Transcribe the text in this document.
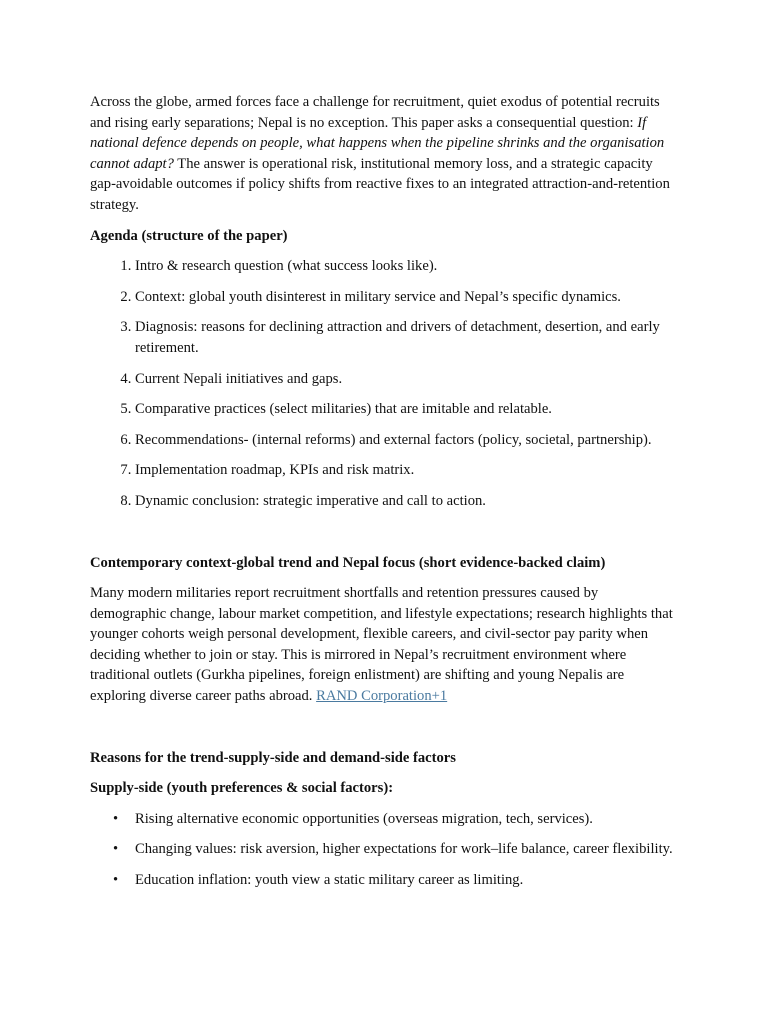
Across the globe, armed forces face a challenge for recruitment, quiet exodus of potential recruits and rising early separations; Nepal is no exception. This paper asks a consequential question: If national defence depends on people, what happens when the pipeline shrinks and the organisation cannot adapt? The answer is operational risk, institutional memory loss, and a strategic capacity gap-avoidable outcomes if policy shifts from reactive fixes to an integrated attraction-and-retention strategy.

Agenda (structure of the paper)

1. Intro & research question (what success looks like).
2. Context: global youth disinterest in military service and Nepal’s specific dynamics.
3. Diagnosis: reasons for declining attraction and drivers of detachment, desertion, and early retirement.
4. Current Nepali initiatives and gaps.
5. Comparative practices (select militaries) that are imitable and relatable.
6. Recommendations- (internal reforms) and external factors (policy, societal, partnership).
7. Implementation roadmap, KPIs and risk matrix.
8. Dynamic conclusion: strategic imperative and call to action.

Contemporary context-global trend and Nepal focus (short evidence-backed claim)

Many modern militaries report recruitment shortfalls and retention pressures caused by demographic change, labour market competition, and lifestyle expectations; research highlights that younger cohorts weigh personal development, flexible careers, and civil-sector pay parity when deciding whether to join or stay. This is mirrored in Nepal’s recruitment environment where traditional outlets (Gurkha pipelines, foreign enlistment) are shifting and young Nepalis are exploring diverse career paths abroad. RAND Corporation+1

Reasons for the trend-supply-side and demand-side factors

Supply-side (youth preferences & social factors):

• Rising alternative economic opportunities (overseas migration, tech, services).
• Changing values: risk aversion, higher expectations for work–life balance, career flexibility.
• Education inflation: youth view a static military career as limiting.
